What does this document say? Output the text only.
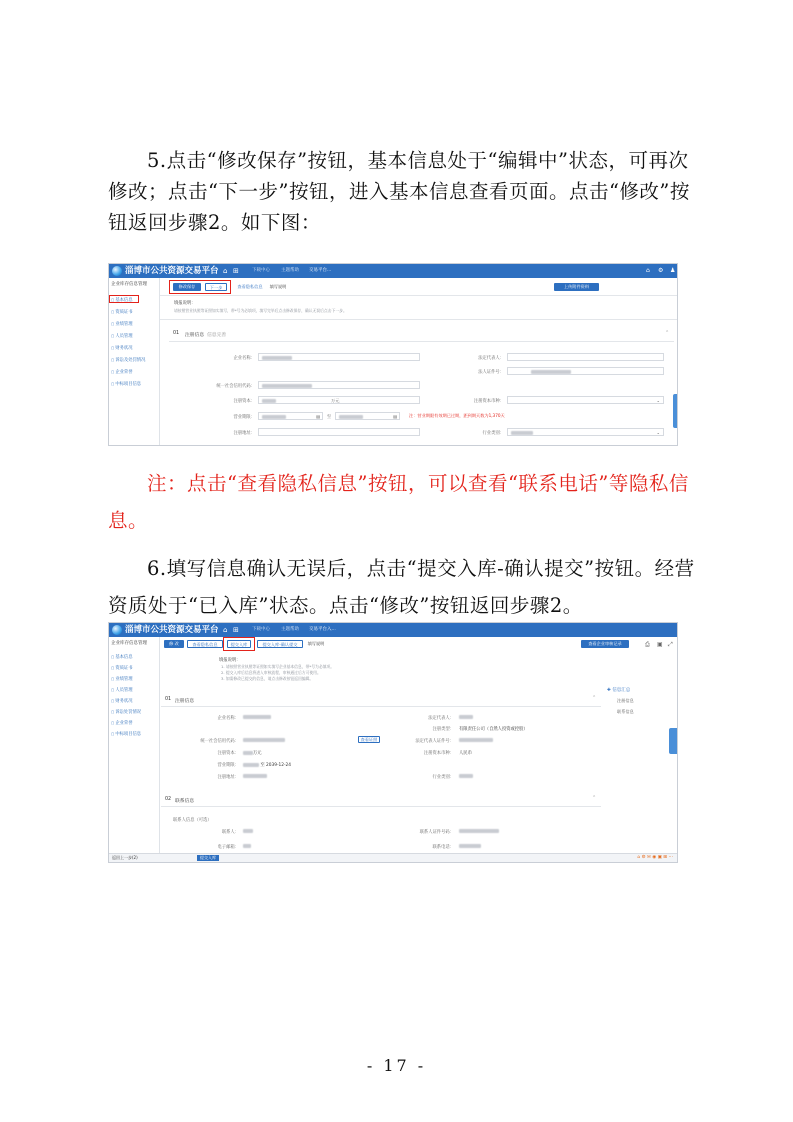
5.点击“修改保存”按钮，基本信息处于“编辑中”状态，可再次修改；点击“下一步”按钮，进入基本信息查看页面。点击“修改”按钮返回步骤2。如下图：
淄博市公共资源交易平台 ⌂ ⊞	下载中心 主题帮助 交易平台...	⌂ ⚙ ♟
企业库存信息管理
▢ 基本信息
▢ 资质证书
▢ 业绩管理
▢ 人员管理
▢ 财务状况
▢ 诉讼及处罚情况
▢ 企业荣誉
▢ 中标项目信息
修改保存	下一步	查看隐私信息	填写说明	上传附件资料
填报说明：
请按照营业执照等证照如实填写，带*号为必填项，填写完毕后点击修改保存，确认无误后点击下一步。
01 注册信息 信息完善	⌃
企业名称：	法定代表人：
法人证件号：
统一社会信用代码：
注册资本：	万元	注册资本币种：	⌄
营业期限：	▤	至	▤	注：营业期限有效期已过期，距到期天数为1,370天
注册地址：	行业类别：	⌄
注：点击“查看隐私信息”按钮，可以查看“联系电话”等隐私信息。
6.填写信息确认无误后，点击“提交入库-确认提交”按钮。经营资质处于“已入库”状态。点击“修改”按钮返回步骤2。
淄博市公共资源交易平台 ⌂ ⊞	下载中心 主题帮助 交易平台入...
企业库存信息管理
▢ 基本信息
▢ 资质证书
▢ 业绩管理
▢ 人员管理
▢ 财务状况
▢ 诉讼处罚情况
▢ 企业荣誉
▢ 中标项目信息
修 改	查看隐私信息	提交入库	提交入库-确认提交	填写说明	查看企业审核记录	⎙ ▣ ⤢
填报说明：
1. 请按照营业执照等证照如实填写企业基本信息，带*号为必填项。
2. 提交入库后信息将进入审核流程，审核通过后方可使用。
3. 如需修改已提交的信息，请点击修改按钮返回编辑。
01 注册信息
⌃
企业名称：	法定代表人：
注册类型： 有限责任公司（自然人投资或控股）
统一社会信用代码：	查看证照	法定代表人证件号：
注册资本：	万元	注册资本币种： 人民币
营业期限：	至 2039-12-24
注册地址：	行业类别：
02 联系信息
⌃
联系人信息（可选）
联系人：	联系人证件号码：
电子邮箱：	联系电话：
✚ 信息汇总
注册信息
联系信息
返回上一步(2)	提交入库	⌂ ⚙ ✉ ◉ ▣ ⊞ ⋯
- 17 -
